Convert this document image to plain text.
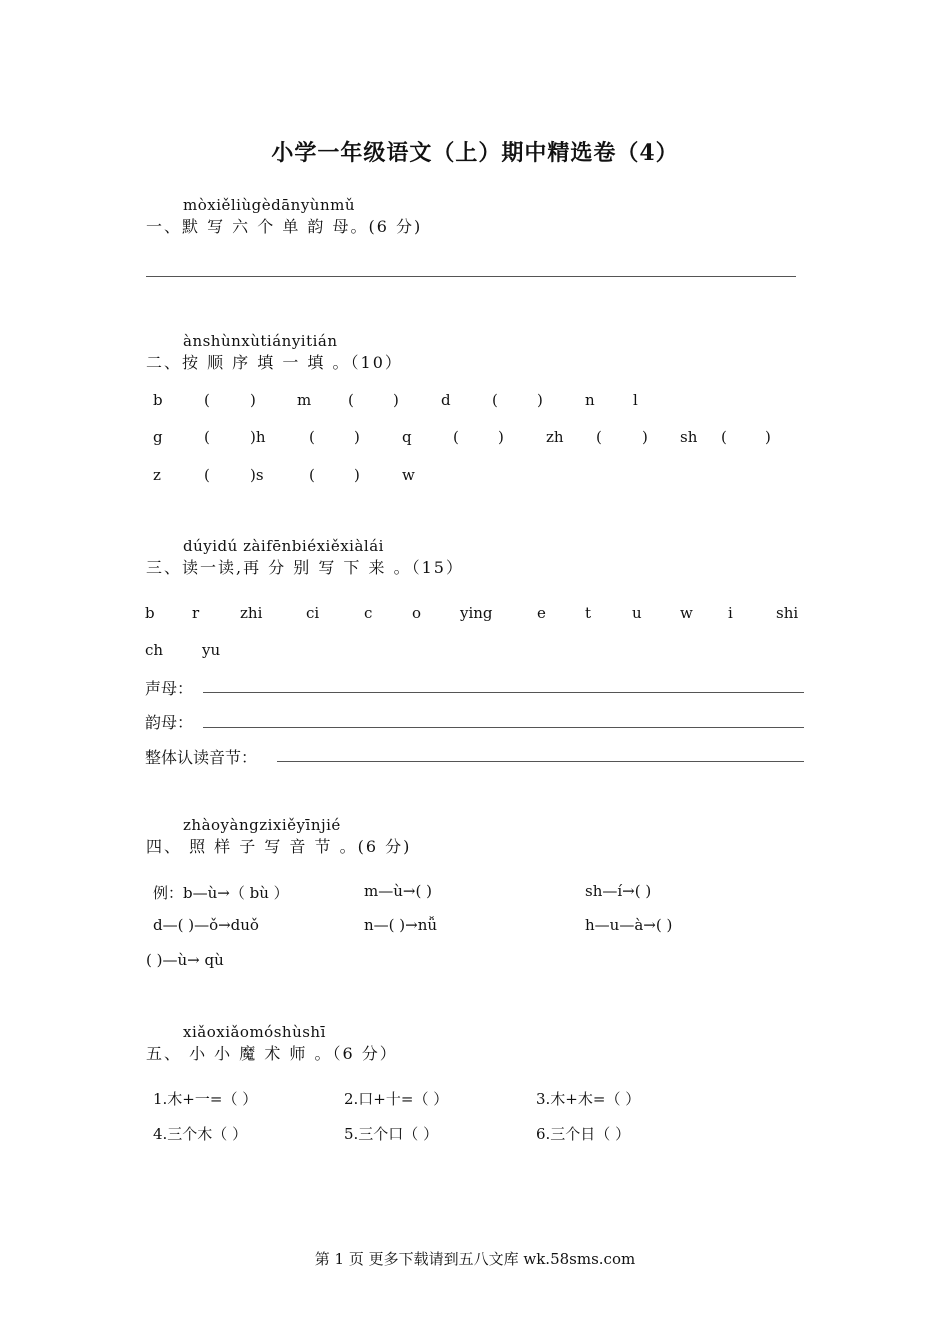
小学一年级语文（上）期中精选卷（4）
mòxiěliùgèdānyùnmǔ
一、默 写 六 个 单 韵 母。(6 分)
ànshùnxùtiányitián
二、按 顺 序 填 一 填 。（10）
b	(	)	m (	)	d	(	)	n	l
g	(	)h	(	)	q	(	)	zh (	) sh (	)
z	(	)s	(	)	w
dúyidú zàifēnbiéxiěxiàlái
三、读一读,再 分 别 写 下 来 。（15）
b r	zhi	ci	c	o	ying	e	t	u	w i	shi
ch	yu
声母：
韵母：
整体认读音节：
zhàoyàngzixiěyīnjié
四、 照 样 子 写 音 节 。(6 分)
例：b—ù→（ bù ）	m—ù→( )	sh—í→( )
d—( )—ǒ→duǒ	n—( )→nǚ	h—u—à→( )
( )—ù→ qù
xiǎoxiǎomóshùshī
五、 小 小 魔 术 师 。（6 分）
1.木+一=（ ）	2.口+十=（ ）	3.木+木=（ ）
4.三个木（ ）	5.三个口（ ）	6.三个日（ ）
第 1 页 更多下载请到五八文库 wk.58sms.com
